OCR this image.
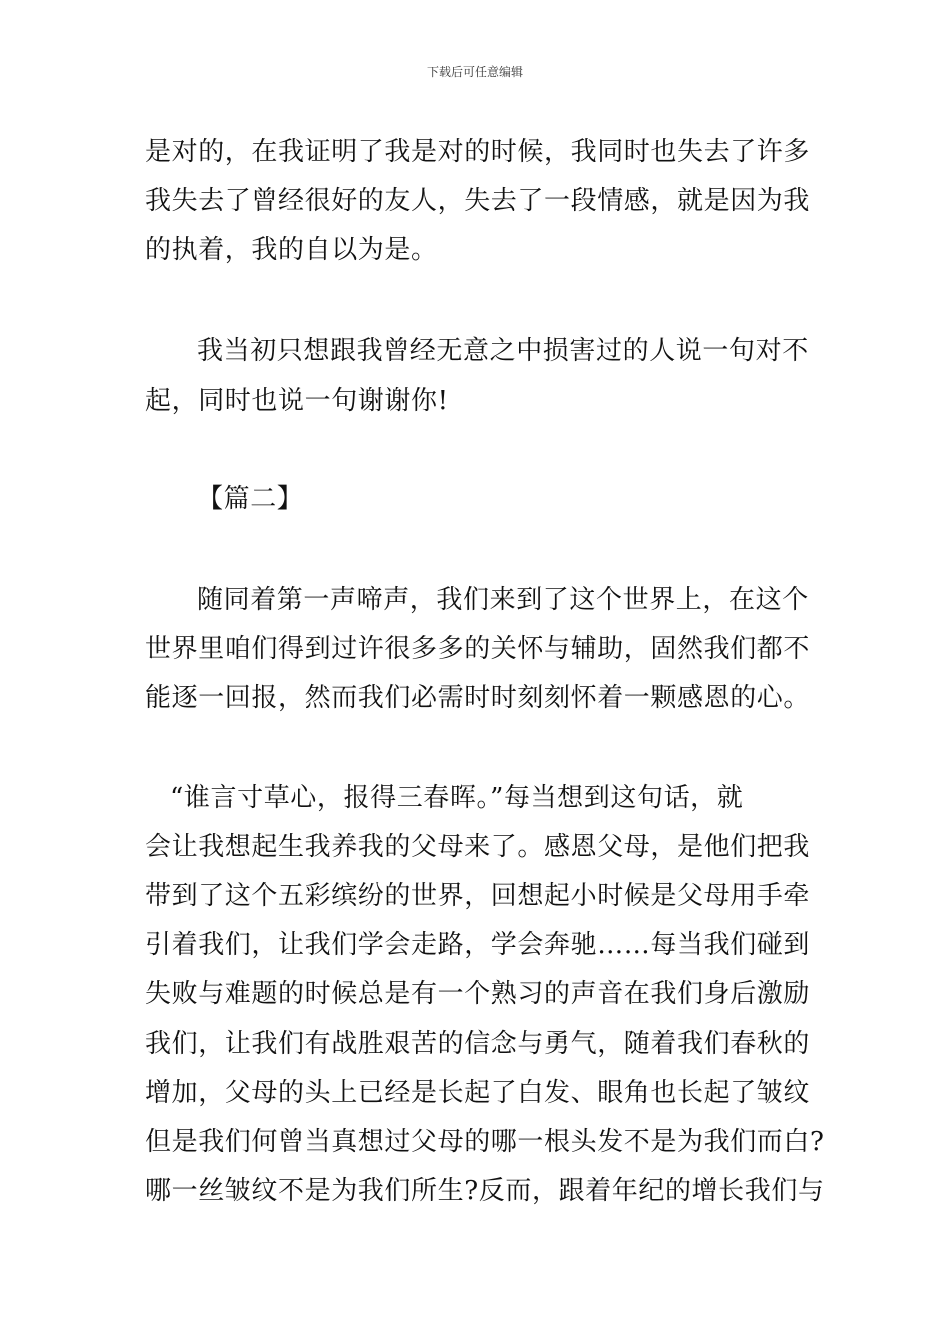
下载后可任意编辑
是对的，在我证明了我是对的时候，我同时也失去了许多
我失去了曾经很好的友人，失去了一段情感，就是因为我
的执着，我的自以为是。
我当初只想跟我曾经无意之中损害过的人说一句对不
起，同时也说一句谢谢你!
【篇二】
随同着第一声啼声，我们来到了这个世界上，在这个
世界里咱们得到过许很多多的关怀与辅助，固然我们都不
能逐一回报，然而我们必需时时刻刻怀着一颗感恩的心。
“谁言寸草心，报得三春晖。”每当想到这句话，就
会让我想起生我养我的父母来了。感恩父母，是他们把我
带到了这个五彩缤纷的世界，回想起小时候是父母用手牵
引着我们，让我们学会走路，学会奔驰……每当我们碰到
失败与难题的时候总是有一个熟习的声音在我们身后激励
我们，让我们有战胜艰苦的信念与勇气，随着我们春秋的
增加，父母的头上已经是长起了白发、眼角也长起了皱纹
但是我们何曾当真想过父母的哪一根头发不是为我们而白?
哪一丝皱纹不是为我们所生?反而，跟着年纪的增长我们与
